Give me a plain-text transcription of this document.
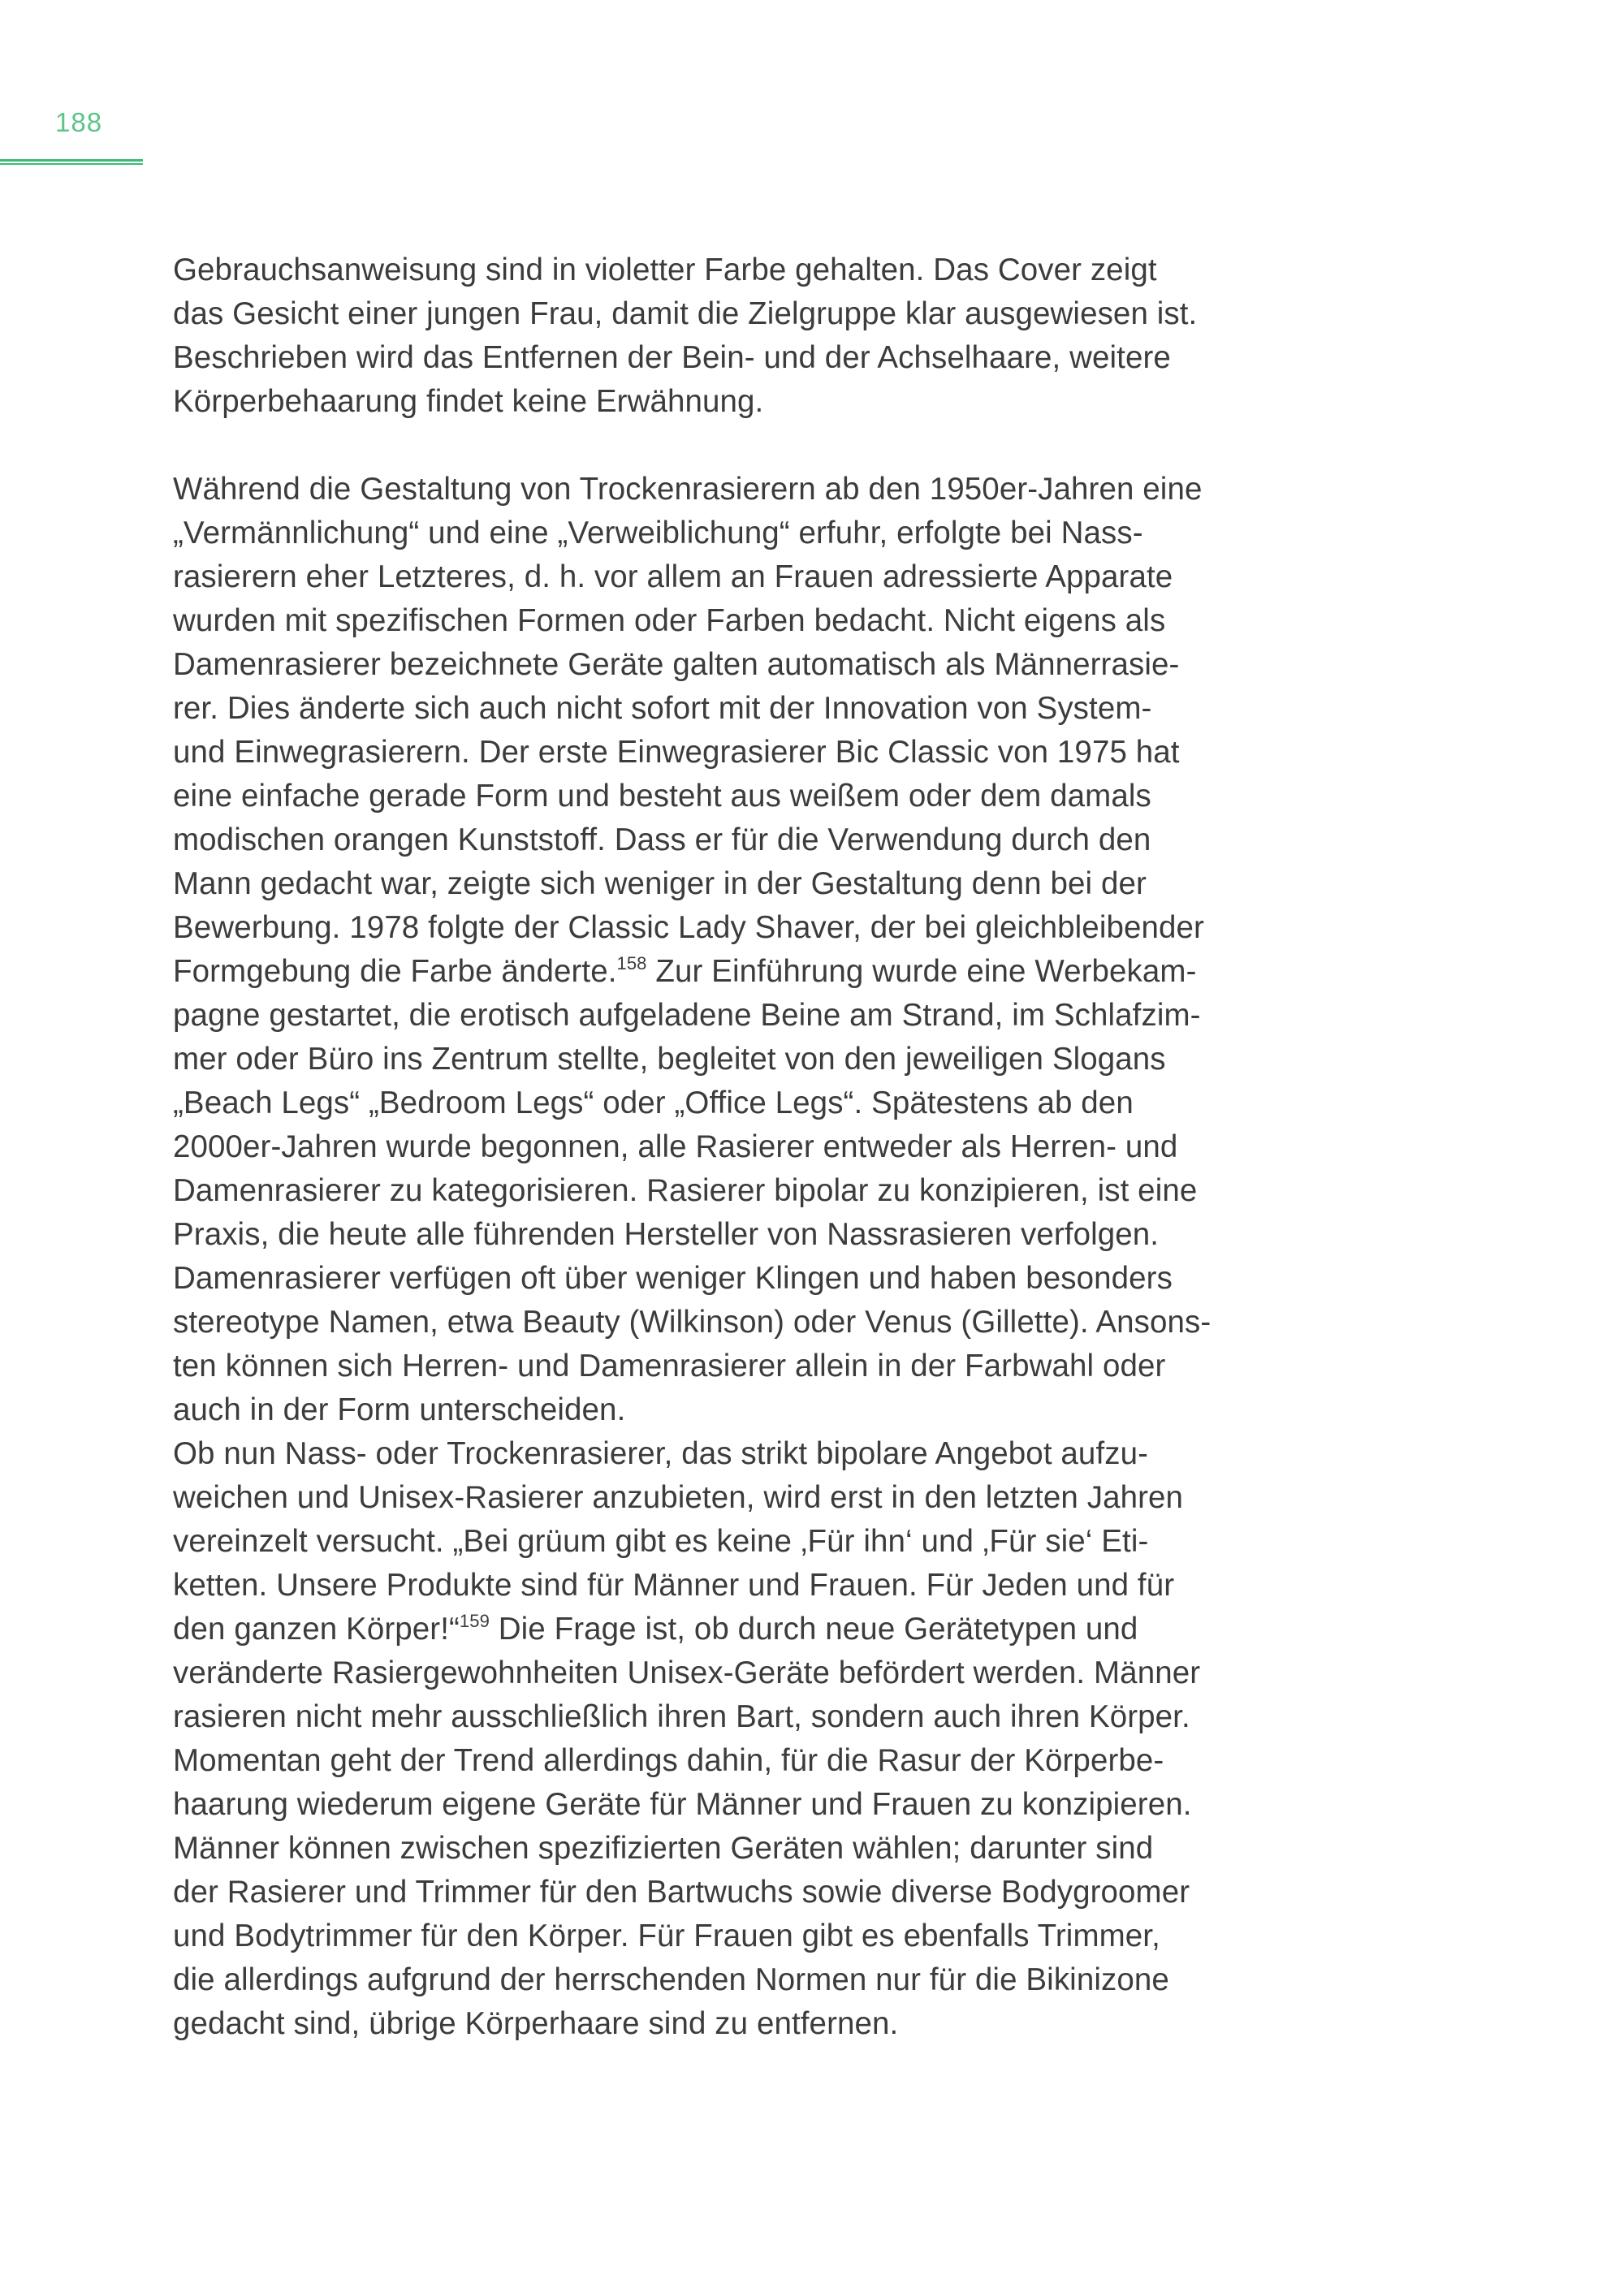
188
Gebrauchsanweisung sind in violetter Farbe gehalten. Das Cover zeigt
das Gesicht einer jungen Frau, damit die Zielgruppe klar ausgewiesen ist.
Beschrieben wird das Entfernen der Bein- und der Achselhaare, weitere
Körperbehaarung findet keine Erwähnung.
Während die Gestaltung von Trockenrasierern ab den 1950er-Jahren eine
„Vermännlichung“ und eine „Verweiblichung“ erfuhr, erfolgte bei Nass-
rasierern eher Letzteres, d. h. vor allem an Frauen adressierte Apparate
wurden mit spezifischen Formen oder Farben bedacht. Nicht eigens als
Damenrasierer bezeichnete Geräte galten automatisch als Männerrasie-
rer. Dies änderte sich auch nicht sofort mit der Innovation von System-
und Einwegrasierern. Der erste Einwegrasierer Bic Classic von 1975 hat
eine einfache gerade Form und besteht aus weißem oder dem damals
modischen orangen Kunststoff. Dass er für die Verwendung durch den
Mann gedacht war, zeigte sich weniger in der Gestaltung denn bei der
Bewerbung. 1978 folgte der Classic Lady Shaver, der bei gleichbleibender
Formgebung die Farbe änderte.$^{158}$ Zur Einführung wurde eine Werbekam-
pagne gestartet, die erotisch aufgeladene Beine am Strand, im Schlafzim-
mer oder Büro ins Zentrum stellte, begleitet von den jeweiligen Slogans
„Beach Legs“ „Bedroom Legs“ oder „Office Legs“. Spätestens ab den
2000er-Jahren wurde begonnen, alle Rasierer entweder als Herren- und
Damenrasierer zu kategorisieren. Rasierer bipolar zu konzipieren, ist eine
Praxis, die heute alle führenden Hersteller von Nassrasieren verfolgen.
Damenrasierer verfügen oft über weniger Klingen und haben besonders
stereotype Namen, etwa Beauty (Wilkinson) oder Venus (Gillette). Ansons-
ten können sich Herren- und Damenrasierer allein in der Farbwahl oder
auch in der Form unterscheiden.
Ob nun Nass- oder Trockenrasierer, das strikt bipolare Angebot aufzu-
weichen und Unisex-Rasierer anzubieten, wird erst in den letzten Jahren
vereinzelt versucht. „Bei grüum gibt es keine ‚Für ihn‘ und ‚Für sie‘ Eti-
ketten. Unsere Produkte sind für Männer und Frauen. Für Jeden und für
den ganzen Körper!“$^{159}$ Die Frage ist, ob durch neue Gerätetypen und
veränderte Rasiergewohnheiten Unisex-Geräte befördert werden. Männer
rasieren nicht mehr ausschließlich ihren Bart, sondern auch ihren Körper.
Momentan geht der Trend allerdings dahin, für die Rasur der Körperbe-
haarung wiederum eigene Geräte für Männer und Frauen zu konzipieren.
Männer können zwischen spezifizierten Geräten wählen; darunter sind
der Rasierer und Trimmer für den Bartwuchs sowie diverse Bodygroomer
und Bodytrimmer für den Körper. Für Frauen gibt es ebenfalls Trimmer,
die allerdings aufgrund der herrschenden Normen nur für die Bikinizone
gedacht sind, übrige Körperhaare sind zu entfernen.
